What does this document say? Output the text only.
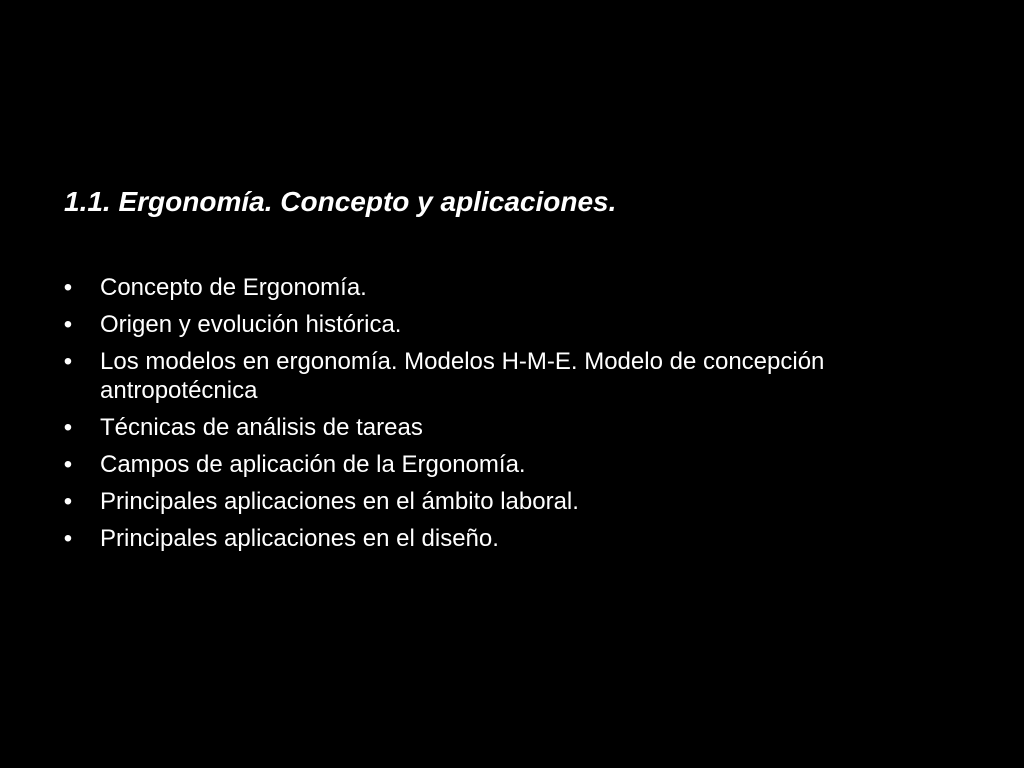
1.1. Ergonomía. Concepto y aplicaciones.
• Concepto de Ergonomía.
• Origen y evolución histórica.
• Los modelos en ergonomía. Modelos H-M-E. Modelo de concepción antropotécnica
• Técnicas de análisis de tareas
• Campos de aplicación de la Ergonomía.
• Principales aplicaciones en el ámbito laboral.
• Principales aplicaciones en el diseño.
